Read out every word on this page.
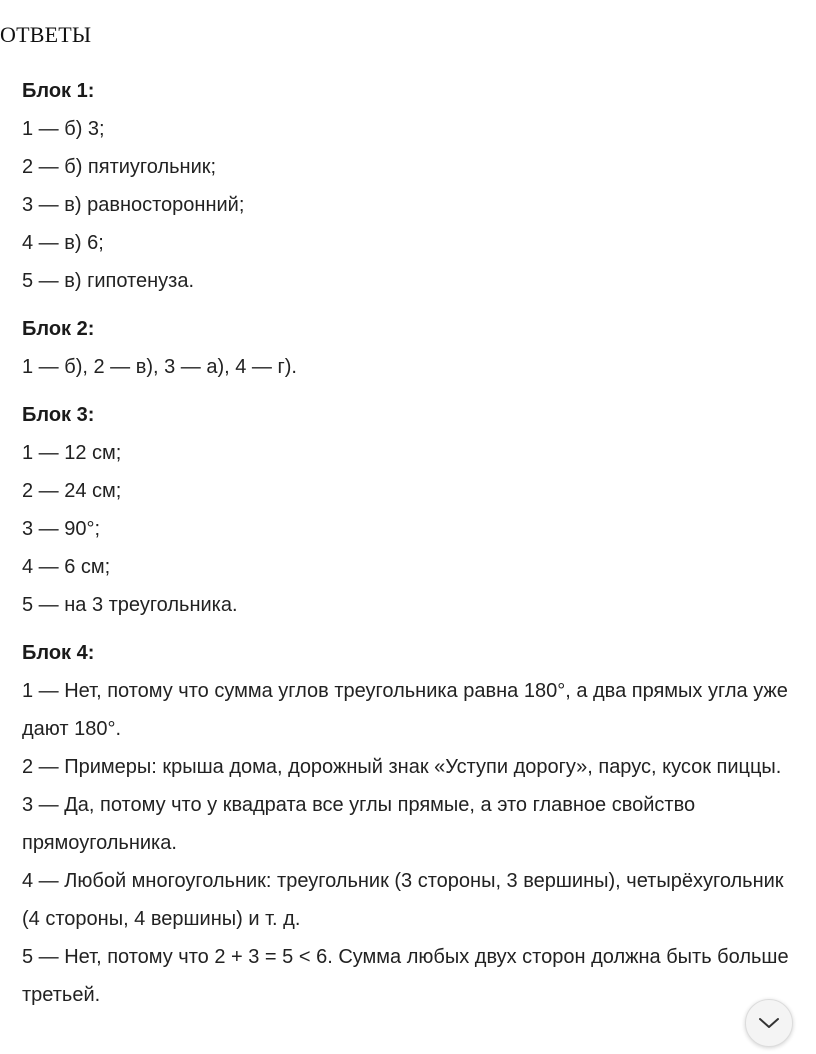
ОТВЕТЫ

Блок 1:

1 — б) 3;

2 — б) пятиугольник;

3 — в) равносторонний;

4 — в) 6;

5 — в) гипотенуза.

Блок 2:

1 — б), 2 — в), 3 — а), 4 — г).

Блок 3:

1 — 12 см;

2 — 24 см;

3 — 90°;

4 — 6 см;

5 — на 3 треугольника.

Блок 4:

1 — Нет, потому что сумма углов треугольника равна 180°, а два прямых угла уже дают 180°.

2 — Примеры: крыша дома, дорожный знак «Уступи дорогу», парус, кусок пиццы.

3 — Да, потому что у квадрата все углы прямые, а это главное свойство прямоугольника.

4 — Любой многоугольник: треугольник (3 стороны, 3 вершины), четырёхугольник (4 стороны, 4 вершины) и т. д.

5 — Нет, потому что 2 + 3 = 5 < 6. Сумма любых двух сторон должна быть больше третьей.
